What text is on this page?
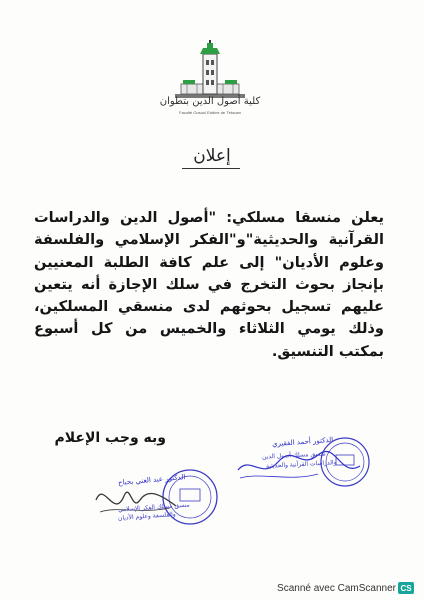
كلية أصول الدين بتطوان
Faculté Ousoul Eddine de Tétouan
إعلان
يعلن منسقا مسلكي: "أصول الدين والدراسات القرآنية والحديثية"و"الفكر الإسلامي والفلسفة وعلوم الأديان" إلى علم كافة الطلبة المعنيين بإنجاز بحوث التخرج في سلك الإجازة أنه يتعين عليهم تسجيل بحوثهم لدى منسقي المسلكين، وذلك يومي الثلاثاء والخميس من كل أسبوع بمكتب التنسيق.
وبه وجب الإعلام
CS
الدكتور أحمد الفقيري
منسق مسلك أصول الدين
والدراسات القرآنية والحديثية
الدكتور عبد الغني بحباح
منسق مسلك الفكر الإسلامي
والفلسفة وعلوم الأديان
Scanné avec CamScanner
